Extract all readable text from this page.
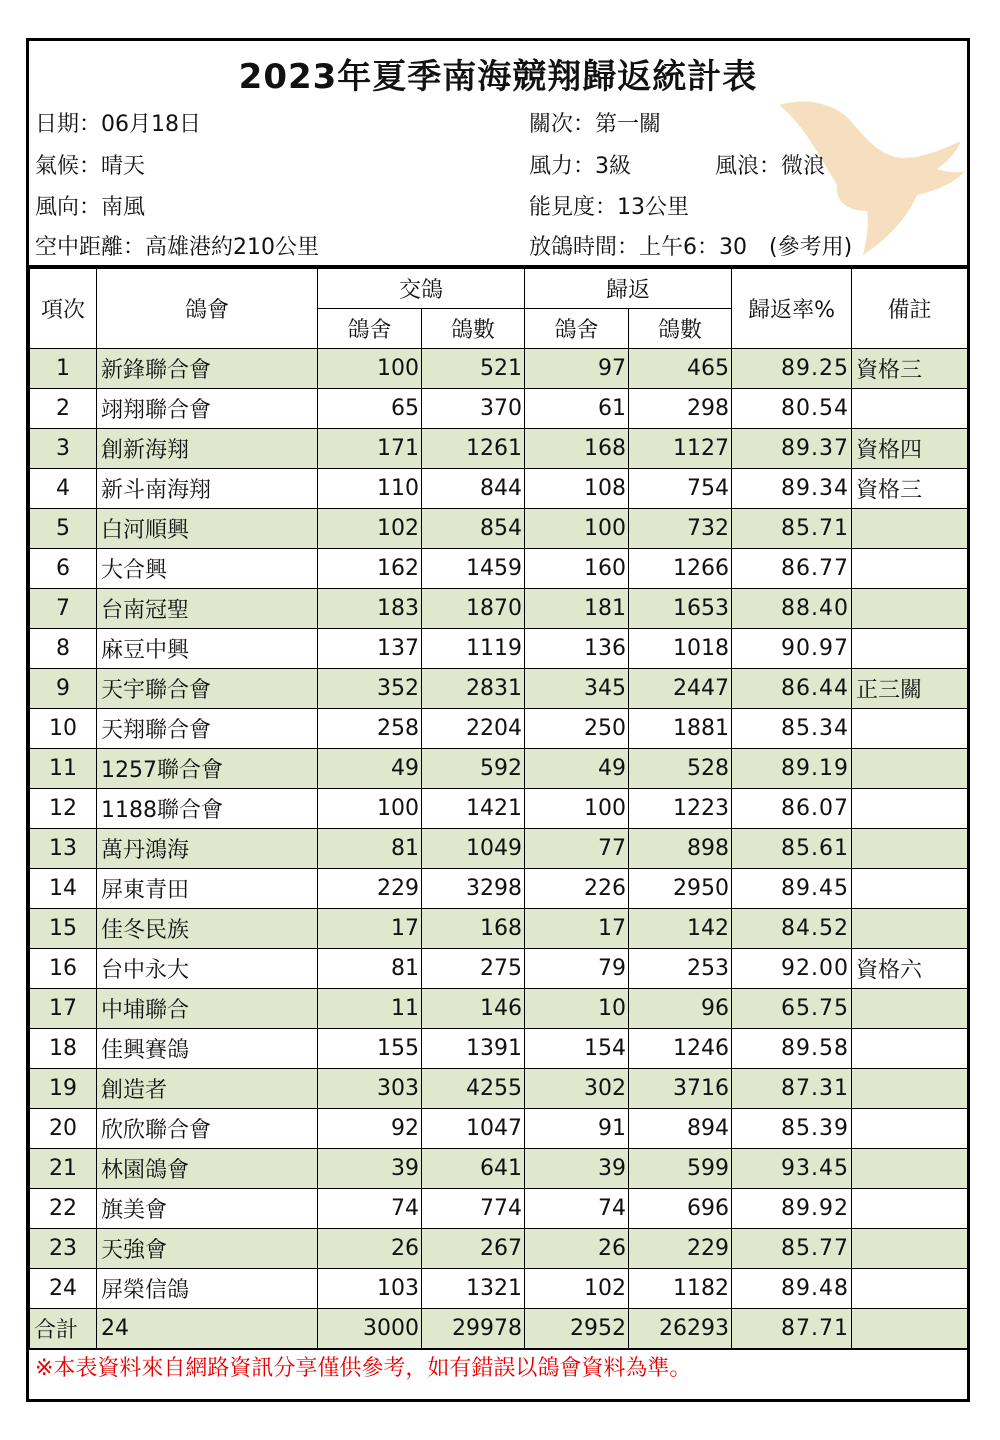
2023年夏季南海競翔歸返統計表
日期：06月18日
氣候：晴天
風向：南風
空中距離：高雄港約210公里
關次：第一關
風力：3級	風浪：微浪
能見度：13公里
放鴿時間：上午6：30　(參考用)
項次	鴿會	交鴿		歸返		歸返率%	備註
		鴿舍	鴿數	鴿舍	鴿數		
1	新鋒聯合會	100	521	97	465	89.25	資格三
2	翊翔聯合會	65	370	61	298	80.54	
3	創新海翔	171	1261	168	1127	89.37	資格四
4	新斗南海翔	110	844	108	754	89.34	資格三
5	白河順興	102	854	100	732	85.71	
6	大合興	162	1459	160	1266	86.77	
7	台南冠聖	183	1870	181	1653	88.40	
8	麻豆中興	137	1119	136	1018	90.97	
9	天宇聯合會	352	2831	345	2447	86.44	正三關
10	天翔聯合會	258	2204	250	1881	85.34	
11	1257聯合會	49	592	49	528	89.19	
12	1188聯合會	100	1421	100	1223	86.07	
13	萬丹鴻海	81	1049	77	898	85.61	
14	屏東青田	229	3298	226	2950	89.45	
15	佳冬民族	17	168	17	142	84.52	
16	台中永大	81	275	79	253	92.00	資格六
17	中埔聯合	11	146	10	96	65.75	
18	佳興賽鴿	155	1391	154	1246	89.58	
19	創造者	303	4255	302	3716	87.31	
20	欣欣聯合會	92	1047	91	894	85.39	
21	林園鴿會	39	641	39	599	93.45	
22	旗美會	74	774	74	696	89.92	
23	天強會	26	267	26	229	85.77	
24	屏榮信鴿	103	1321	102	1182	89.48	
合計	24	3000	29978	2952	26293	87.71	
※本表資料來自網路資訊分享僅供參考，如有錯誤以鴿會資料為準。
